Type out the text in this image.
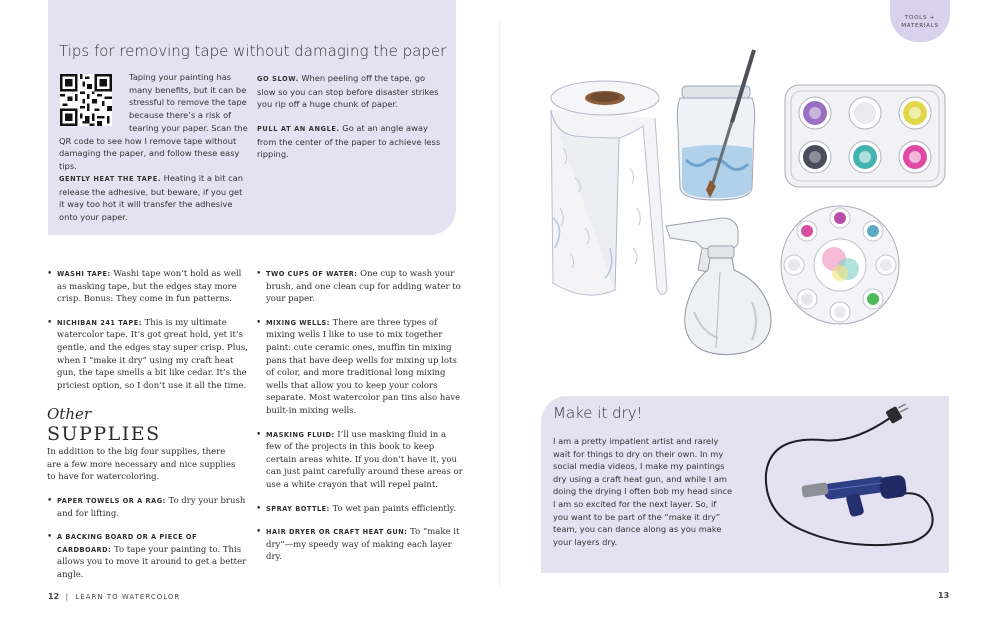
Tips for removing tape without damaging the paper
Taping your painting has many benefits, but it can be stressful to remove the tape because there’s a risk of tearing your paper. Scan the QR code to see how I remove tape without damaging the paper, and follow these easy tips.
GENTLY HEAT THE TAPE. Heating it a bit can release the adhesive, but beware, if you get it way too hot it will transfer the adhesive onto your paper.
GO SLOW. When peeling off the tape, go slow so you can stop before disaster strikes you rip off a huge chunk of paper.
PULL AT AN ANGLE. Go at an angle away from the center of the paper to achieve less ripping.
• WASHI TAPE: Washi tape won’t hold as well as masking tape, but the edges stay more crisp. Bonus: They come in fun patterns.
• NICHIBAN 241 TAPE: This is my ultimate watercolor tape. It’s got great hold, yet it’s gentle, and the edges stay super crisp. Plus, when I “make it dry” using my craft heat gun, the tape smells a bit like cedar. It’s the priciest option, so I don’t use it all the time.
Other
SUPPLIES
In addition to the big four supplies, there are a few more necessary and nice supplies to have for watercoloring.
• PAPER TOWELS OR A RAG: To dry your brush and for lifting.
• A BACKING BOARD OR A PIECE OF CARDBOARD: To tape your painting to. This allows you to move it around to get a better angle.
• TWO CUPS OF WATER: One cup to wash your brush, and one clean cup for adding water to your paper.
• MIXING WELLS: There are three types of mixing wells I like to use to mix together paint: cute ceramic ones, muffin tin mixing pans that have deep wells for mixing up lots of color, and more traditional long mixing wells that allow you to keep your colors separate. Most watercolor pan tins also have built-in mixing wells.
• MASKING FLUID: I’ll use masking fluid in a few of the projects in this book to keep certain areas white. If you don’t have it, you can just paint carefully around these areas or use a white crayon that will repel paint.
• SPRAY BOTTLE: To wet pan paints efficiently.
• HAIR DRYER OR CRAFT HEAT GUN: To “make it dry”—my speedy way of making each layer dry.
TOOLS +
MATERIALS
Make it dry!
I am a pretty impatient artist and rarely wait for things to dry on their own. In my social media videos, I make my paintings dry using a craft heat gun, and while I am doing the drying I often bob my head since I am so excited for the next layer. So, if you want to be part of the “make it dry” team, you can dance along as you make your layers dry.
12  |  LEARN TO WATERCOLOR	13
